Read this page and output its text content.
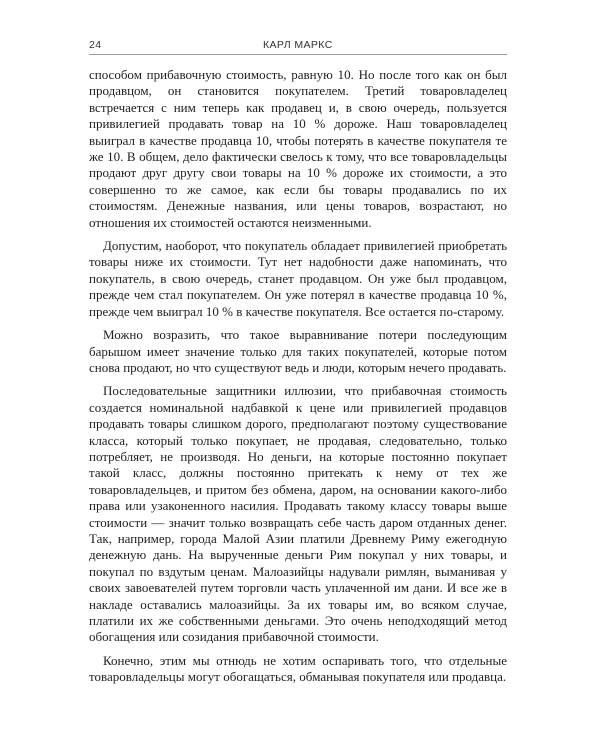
24	КАРЛ МАРКС

способом прибавочную стоимость, равную 10. Но после того как он был продавцом, он становится покупателем. Третий товаровладелец встречается с ним теперь как продавец и, в свою очередь, пользуется привилегией продавать товар на 10 % дороже. Наш товаровладелец выиграл в качестве продавца 10, чтобы потерять в качестве покупателя те же 10. В общем, дело фактически свелось к тому, что все товаровладельцы продают друг другу свои товары на 10 % дороже их стоимости, а это совершенно то же самое, как если бы товары продавались по их стоимостям. Денежные названия, или цены товаров, возрастают, но отношения их стоимостей остаются неизменными.

Допустим, наоборот, что покупатель обладает привилегией приобретать товары ниже их стоимости. Тут нет надобности даже напоминать, что покупатель, в свою очередь, станет продавцом. Он уже был продавцом, прежде чем стал покупателем. Он уже потерял в качестве продавца 10 %, прежде чем выиграл 10 % в качестве покупателя. Все остается по-старому.

Можно возразить, что такое выравнивание потери последующим барышом имеет значение только для таких покупателей, которые потом снова продают, но что существуют ведь и люди, которым нечего продавать.

Последовательные защитники иллюзии, что прибавочная стоимость создается номинальной надбавкой к цене или привилегией продавцов продавать товары слишком дорого, предполагают поэтому существование класса, который только покупает, не продавая, следовательно, только потребляет, не производя. Но деньги, на которые постоянно покупает такой класс, должны постоянно притекать к нему от тех же товаровладельцев, и притом без обмена, даром, на основании какого-либо права или узаконенного насилия. Продавать такому классу товары выше стоимости — значит только возвращать себе часть даром отданных денег. Так, например, города Малой Азии платили Древнему Риму ежегодную денежную дань. На вырученные деньги Рим покупал у них товары, и покупал по вздутым ценам. Малоазийцы надували римлян, выманивая у своих завоевателей путем торговли часть уплаченной им дани. И все же в накладе оставались малоазийцы. За их товары им, во всяком случае, платили их же собственными деньгами. Это очень неподходящий метод обогащения или созидания прибавочной стоимости.

Конечно, этим мы отнюдь не хотим оспаривать того, что отдельные товаровладельцы могут обогащаться, обманывая покупателя или продавца.
